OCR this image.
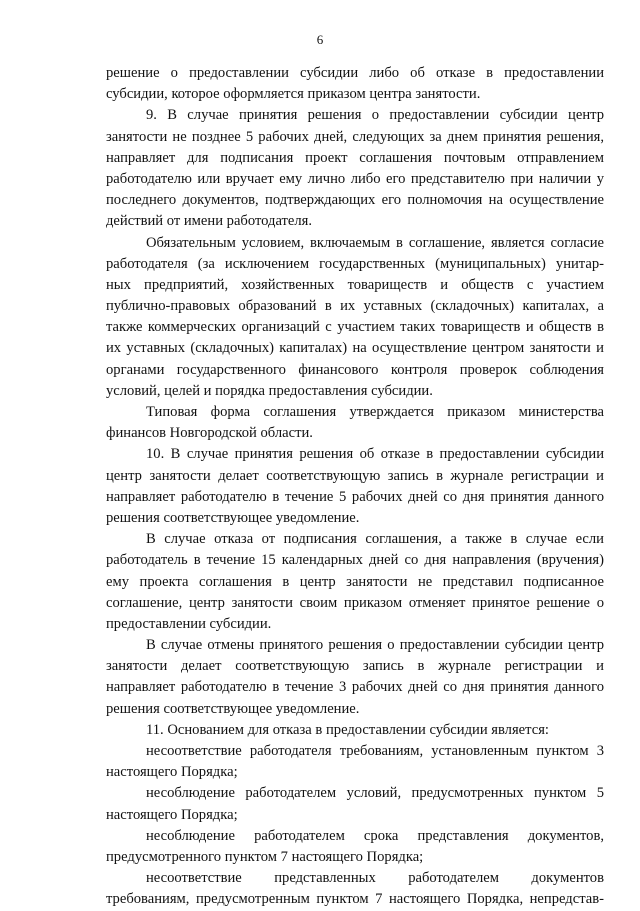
6
решение о предоставлении субсидии либо об отказе в предоставлении
субсидии, которое оформляется приказом центра занятости.
9. В случае принятия решения о предоставлении субсидии центр
занятости не позднее 5 рабочих дней, следующих за днем принятия решения,
направляет для подписания проект соглашения почтовым отправлением
работодателю или вручает ему лично либо его представителю при наличии у
последнего документов, подтверждающих его полномочия на осуществление
действий от имени работодателя.
Обязательным условием, включаемым в соглашение, является согласие
работодателя (за исключением государственных (муниципальных) унитар-
ных предприятий, хозяйственных товариществ и обществ с участием
публично-правовых образований в их уставных (складочных) капиталах, а
также коммерческих организаций с участием таких товариществ и обществ в
их уставных (складочных) капиталах) на осуществление центром занятости и
органами государственного финансового контроля проверок соблюдения
условий, целей и порядка предоставления субсидии.
Типовая форма соглашения утверждается приказом министерства
финансов Новгородской области.
10. В случае принятия решения об отказе в предоставлении субсидии
центр занятости делает соответствующую запись в журнале регистрации и
направляет работодателю в течение 5 рабочих дней со дня принятия данного
решения соответствующее уведомление.
В случае отказа от подписания соглашения, а также в случае если
работодатель в течение 15 календарных дней со дня направления (вручения)
ему проекта соглашения в центр занятости не представил подписанное
соглашение, центр занятости своим приказом отменяет принятое решение о
предоставлении субсидии.
В случае отмены принятого решения о предоставлении субсидии центр
занятости делает соответствующую запись в журнале регистрации и
направляет работодателю в течение 3 рабочих дней со дня принятия данного
решения соответствующее уведомление.
11. Основанием для отказа в предоставлении субсидии является:
несоответствие работодателя требованиям, установленным пунктом 3
настоящего Порядка;
несоблюдение работодателем условий, предусмотренных пунктом 5
настоящего Порядка;
несоблюдение работодателем срока представления документов,
предусмотренного пунктом 7 настоящего Порядка;
несоответствие представленных работодателем документов
требованиям, предусмотренным пунктом 7 настоящего Порядка, непредстав-
